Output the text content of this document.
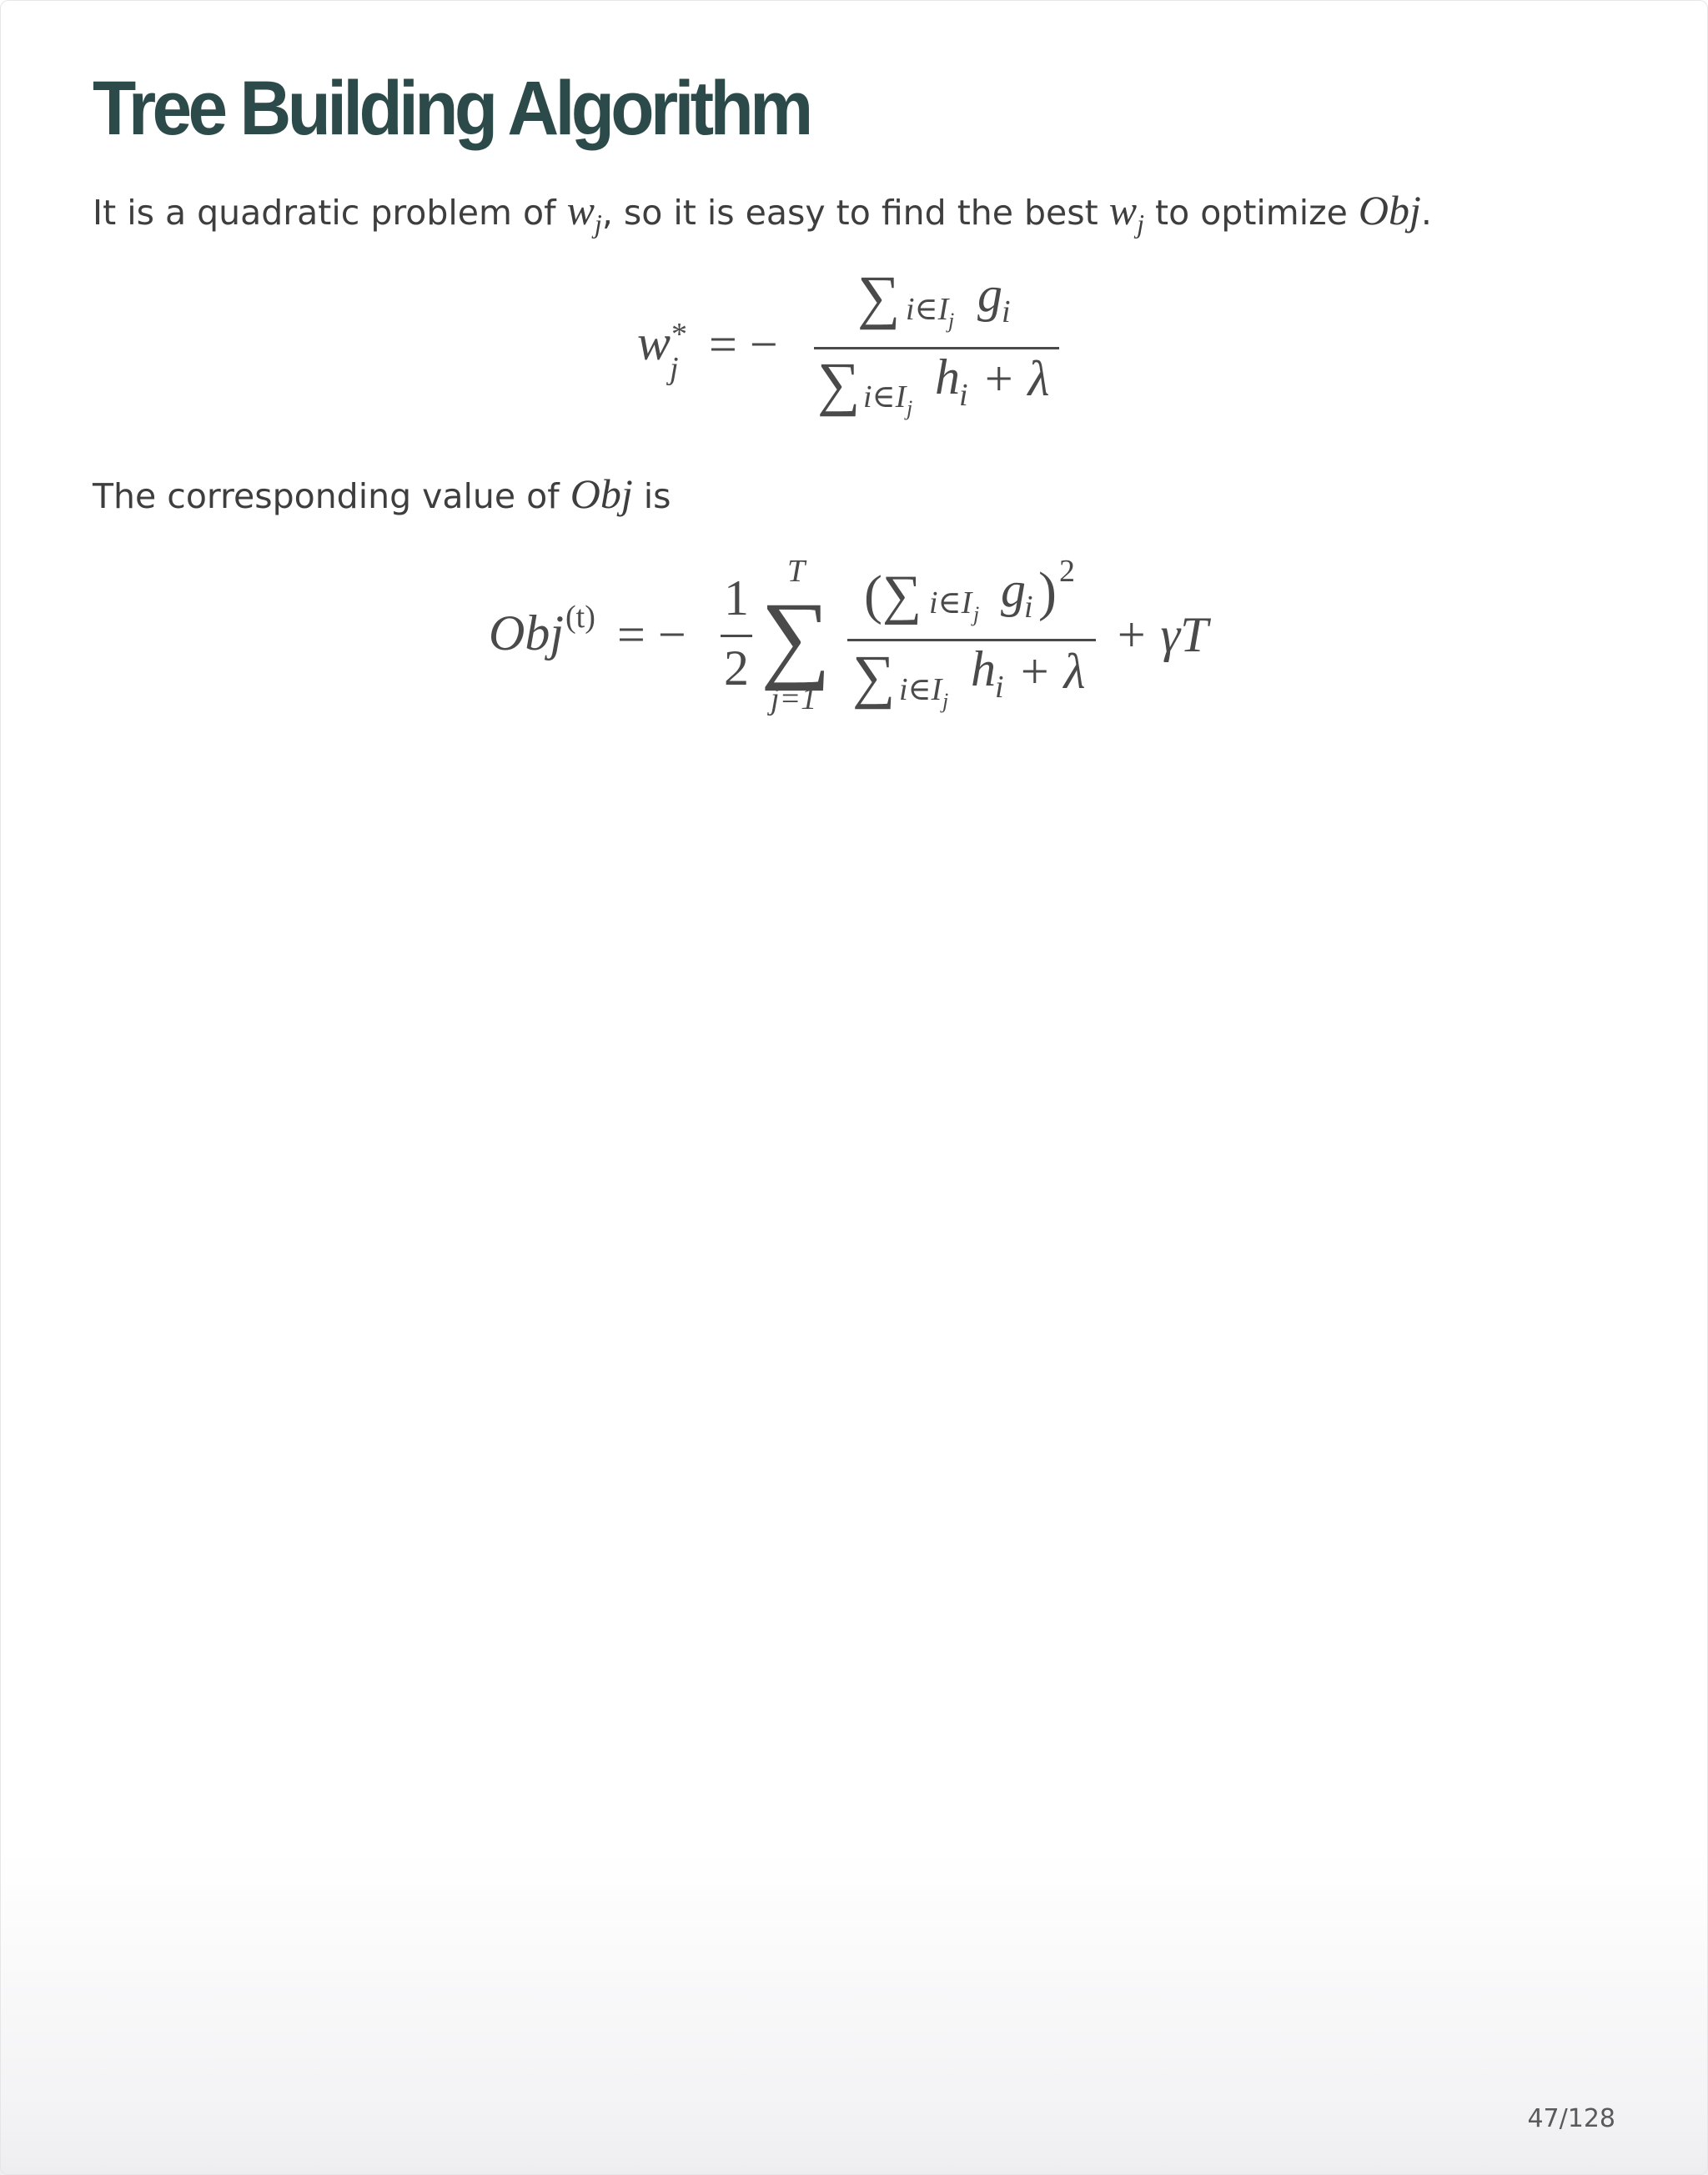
Tree Building Algorithm
It is a quadratic problem of $w_j$, so it is easy to find the best $w_j$ to optimize Obj.
w *
j = −
∑ i∈I j g i
∑ i∈I j
h i + λ
The corresponding value of Obj is
Obj (t) = −
1
2
T
∑
j=1
(∑ i∈I j g
i ) 2
∑ i∈I j
h i + λ
+ γT
47/128
